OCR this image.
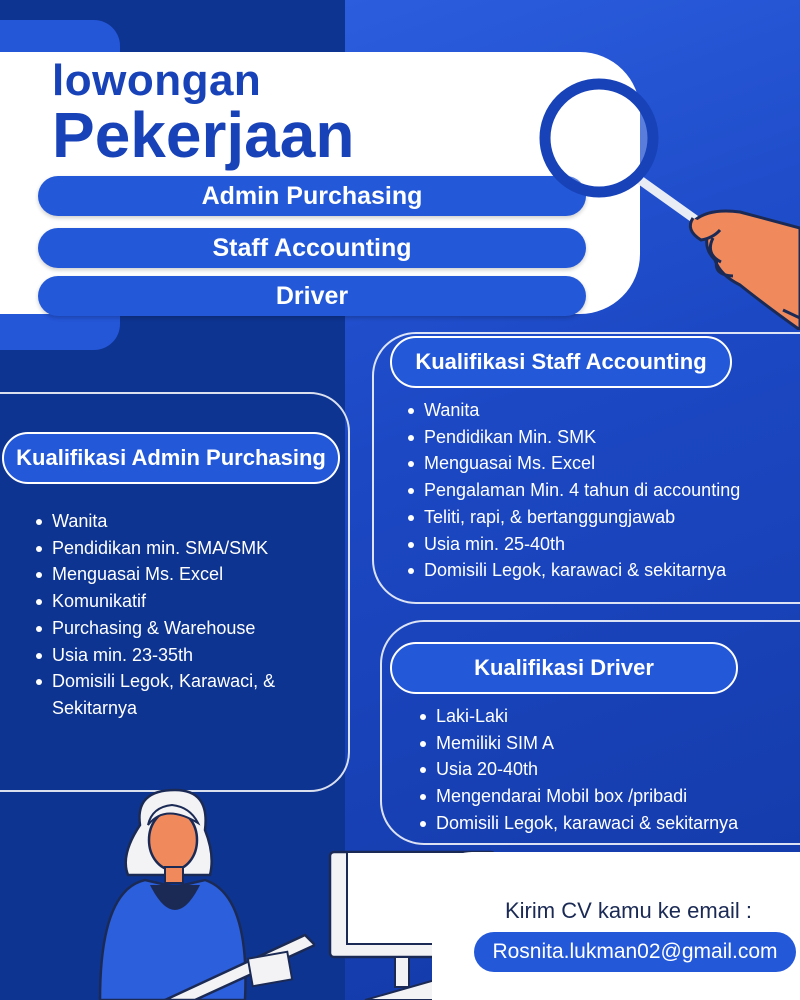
lowongan
Pekerjaan
Admin Purchasing
Staff Accounting
Driver
Kualifikasi Admin Purchasing
Wanita
Pendidikan min. SMA/SMK
Menguasai Ms. Excel
Komunikatif
Purchasing & Warehouse
Usia min. 23-35th
Domisili Legok, Karawaci, &
Sekitarnya
Kualifikasi Staff Accounting
Wanita
Pendidikan Min. SMK
Menguasai Ms. Excel
Pengalaman Min. 4 tahun di accounting
Teliti, rapi, & bertanggungjawab
Usia min. 25-40th
Domisili Legok, karawaci & sekitarnya
Kualifikasi Driver
Laki-Laki
Memiliki SIM A
Usia 20-40th
Mengendarai Mobil box /pribadi
Domisili Legok, karawaci & sekitarnya
Kirim CV kamu ke email :
Rosnita.lukman02@gmail.com
